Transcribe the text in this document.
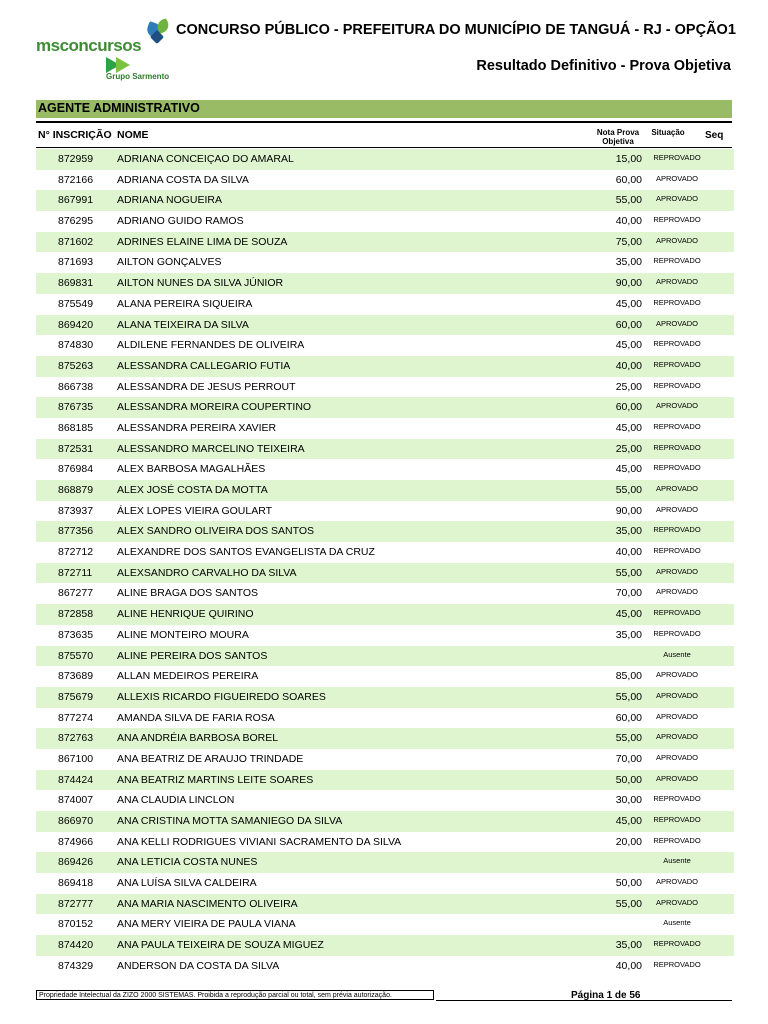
msconcursos
Grupo Sarmento
CONCURSO PÚBLICO - PREFEITURA DO MUNICÍPIO DE TANGUÁ - RJ - OPÇÃO1
Resultado Definitivo - Prova Objetiva
AGENTE ADMINISTRATIVO
N° INSCRIÇÃO NOME	Nota Prova
Objetiva
Situação	Seq
872959 ADRIANA CONCEIÇAO DO AMARAL	15,00	REPROVADO
872166 ADRIANA COSTA DA SILVA	60,00	APROVADO
867991 ADRIANA NOGUEIRA	55,00	APROVADO
876295 ADRIANO GUIDO RAMOS	40,00	REPROVADO
871602 ADRINES ELAINE LIMA DE SOUZA	75,00	APROVADO
871693 AILTON GONÇALVES	35,00	REPROVADO
869831 AILTON NUNES DA SILVA JÚNIOR	90,00	APROVADO
875549 ALANA PEREIRA SIQUEIRA	45,00	REPROVADO
869420 ALANA TEIXEIRA DA SILVA	60,00	APROVADO
874830 ALDILENE FERNANDES DE OLIVEIRA	45,00	REPROVADO
875263 ALESSANDRA CALLEGARIO FUTIA	40,00	REPROVADO
866738 ALESSANDRA DE JESUS PERROUT	25,00	REPROVADO
876735 ALESSANDRA MOREIRA COUPERTINO	60,00	APROVADO
868185 ALESSANDRA PEREIRA XAVIER	45,00	REPROVADO
872531 ALESSANDRO MARCELINO TEIXEIRA	25,00	REPROVADO
876984 ALEX BARBOSA MAGALHÃES	45,00	REPROVADO
868879 ALEX JOSÉ COSTA DA MOTTA	55,00	APROVADO
873937 ÁLEX LOPES VIEIRA GOULART	90,00	APROVADO
877356 ALEX SANDRO OLIVEIRA DOS SANTOS	35,00	REPROVADO
872712 ALEXANDRE DOS SANTOS EVANGELISTA DA CRUZ	40,00	REPROVADO
872711 ALEXSANDRO CARVALHO DA SILVA	55,00	APROVADO
867277 ALINE BRAGA DOS SANTOS	70,00	APROVADO
872858 ALINE HENRIQUE QUIRINO	45,00	REPROVADO
873635 ALINE MONTEIRO MOURA	35,00	REPROVADO
875570 ALINE PEREIRA DOS SANTOS	Ausente
873689 ALLAN MEDEIROS PEREIRA	85,00	APROVADO
875679 ALLEXIS RICARDO FIGUEIREDO SOARES	55,00	APROVADO
877274 AMANDA SILVA DE FARIA ROSA	60,00	APROVADO
872763 ANA ANDRÉIA BARBOSA BOREL	55,00	APROVADO
867100 ANA BEATRIZ DE ARAUJO TRINDADE	70,00	APROVADO
874424 ANA BEATRIZ MARTINS LEITE SOARES	50,00	APROVADO
874007 ANA CLAUDIA LINCLON	30,00	REPROVADO
866970 ANA CRISTINA MOTTA SAMANIEGO DA SILVA	45,00	REPROVADO
874966 ANA KELLI RODRIGUES VIVIANI SACRAMENTO DA SILVA	20,00	REPROVADO
869426 ANA LETICIA COSTA NUNES	Ausente
869418 ANA LUÍSA SILVA CALDEIRA	50,00	APROVADO
872777 ANA MARIA NASCIMENTO OLIVEIRA	55,00	APROVADO
870152 ANA MERY VIEIRA DE PAULA VIANA	Ausente
874420 ANA PAULA TEIXEIRA DE SOUZA MIGUEZ	35,00	REPROVADO
874329 ANDERSON DA COSTA DA SILVA	40,00	REPROVADO
Propriedade Intelectual da ZIZO 2000 SISTEMAS. Proibida a reprodução parcial ou total, sem prévia autorização.	Página 1 de 56
